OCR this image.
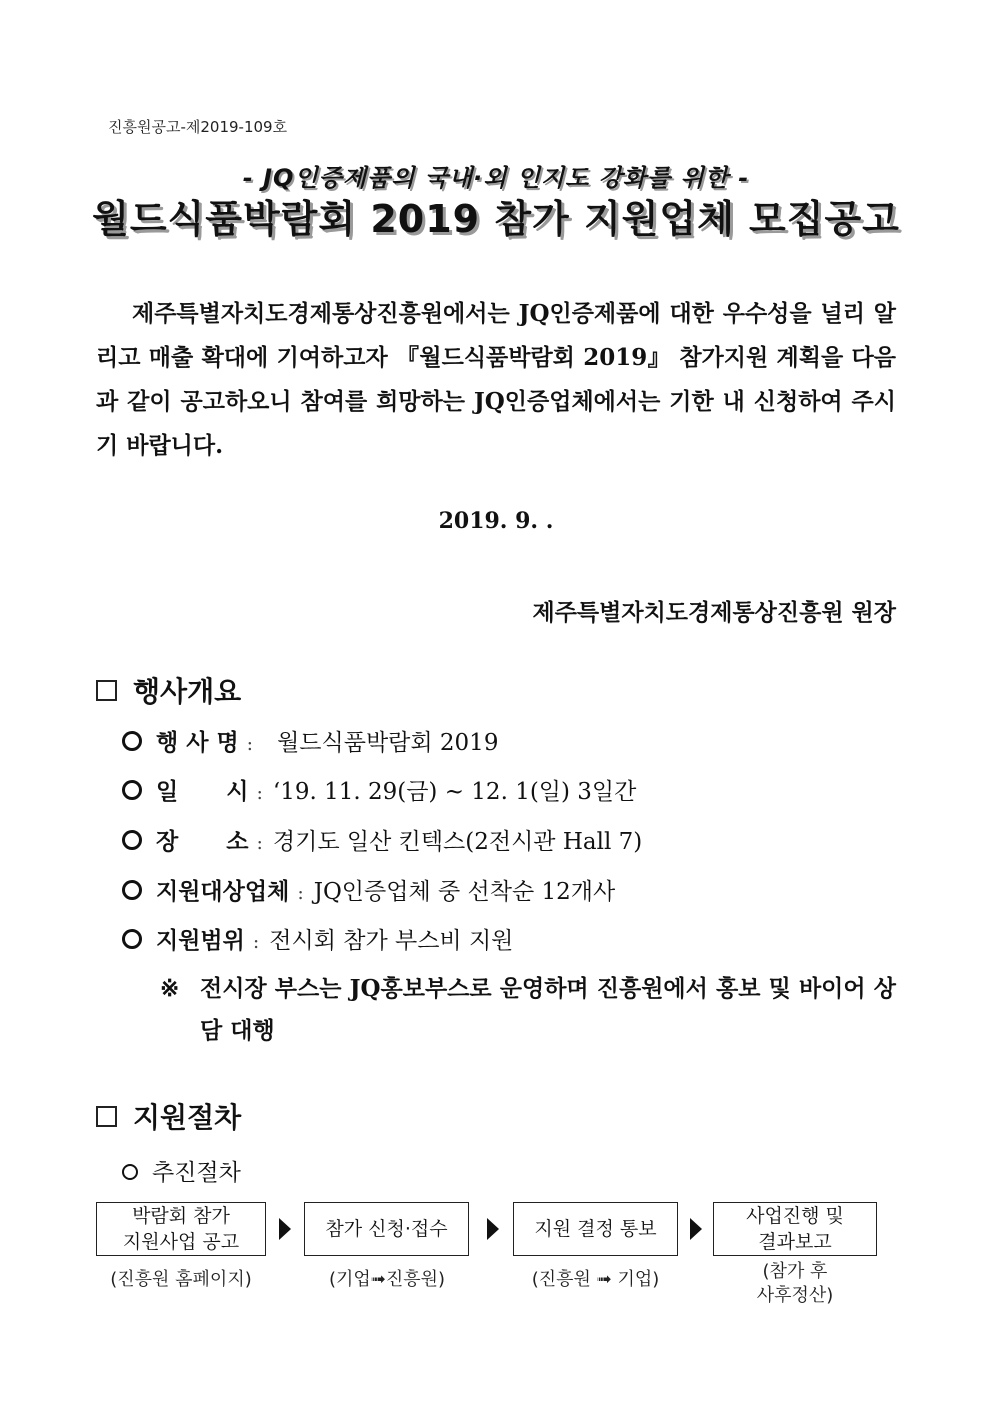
진흥원공고-제2019-109호
- JQ인증제품의 국내·외 인지도 강화를 위한 -
월드식품박람회 2019 참가 지원업체 모집공고
제주특별자치도경제통상진흥원에서는 JQ인증제품에 대한 우수성을 널리 알리고 매출 확대에 기여하고자 『월드식품박람회 2019』 참가지원 계획을 다음과 같이 공고하오니 참여를 희망하는 JQ인증업체에서는 기한 내 신청하여 주시기 바랍니다.
2019. 9. .
제주특별자치도경제통상진흥원 원장
행사개요
행 사 명 : 월드식품박람회 2019
일      시 : ‘19. 11. 29(금) ~ 12. 1(일) 3일간
장      소 : 경기도 일산 킨텍스(2전시관 Hall 7)
지원대상업체 : JQ인증업체 중 선착순 12개사
지원범위 : 전시회 참가 부스비 지원
※ 전시장 부스는 JQ홍보부스로 운영하며 진흥원에서 홍보 및 바이어 상담 대행
지원절차
추진절차
박람회 참가
지원사업 공고
참가 신청·접수	지원 결정 통보
사업진행 및
결과보고
(진흥원 홈페이지)	(기업➟진흥원)	(진흥원 ➟ 기업)	(참가 후
사후정산)
